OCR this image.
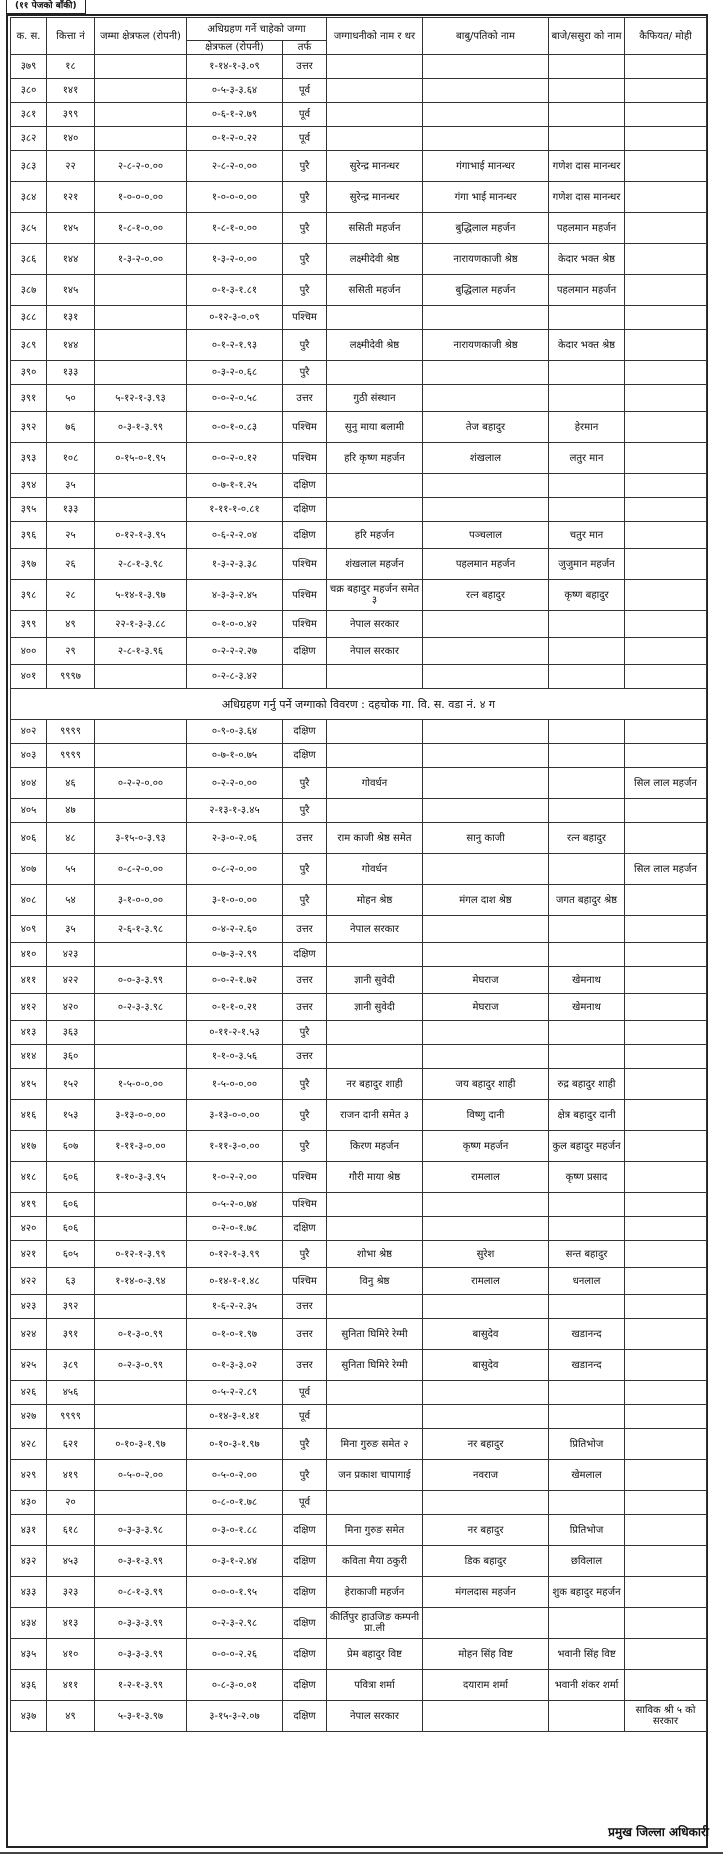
(११ पेजको बाँकी)
क. स.	कित्ता नं	जम्मा क्षेत्रफल (रोपनी)	अधिग्रहण गर्ने चाहेको जग्गा		जग्गाधनीको नाम र थर	बाबु/पतिको नाम	बाजे/ससुरा को नाम	कैफियत/ मोही
			क्षेत्रफल (रोपनी)	तर्फ				
३७९	१८		१-१४-१-३.०९	उत्तर				
३८०	१४१		०-५-३-३.६४	पूर्व				
३८१	३९९		०-६-१-२.७९	पूर्व				
३८२	१४०		०-१-२-०.२२	पूर्व				
३८३	२२	२-८-२-०.००	२-८-२-०.००	पुरै	सुरेन्द्र मानन्धर	गंगाभाई मानन्धर	गणेश दास मानन्धर	
३८४	१२१	१-०-०-०.००	१-०-०-०.००	पुरै	सुरेन्द्र मानन्धर	गंगा भाई मानन्धर	गणेश दास मानन्धर	
३८५	१४५	१-८-१-०.००	१-८-१-०.००	पुरै	ससिती महर्जन	बुद्धिलाल महर्जन	पहलमान महर्जन	
३८६	१४४	१-३-२-०.००	१-३-२-०.००	पुरै	लक्ष्मीदेवी श्रेष्ठ	नारायणकाजी श्रेष्ठ	केदार भक्त श्रेष्ठ	
३८७	१४५		०-१-३-१.८१	पुरै	ससिती महर्जन	बुद्धिलाल महर्जन	पहलमान महर्जन	
३८८	१३१		०-१२-३-०.०९	पश्चिम				
३८९	१४४		०-१-२-१.९३	पुरै	लक्ष्मीदेवी श्रेष्ठ	नारायणकाजी श्रेष्ठ	केदार भक्त श्रेष्ठ	
३९०	१३३		०-३-२-०.६८	पुरै				
३९१	५०	५-१२-१-३.९३	०-०-२-०.५८	उत्तर	गुठी संस्थान			
३९२	७६	०-३-१-३.९९	०-०-१-०.८३	पश्चिम	सुनु माया बलामी	तेज बहादुर	हेरमान	
३९३	१०८	०-१५-०-१.९५	०-०-२-०.१२	पश्चिम	हरि कृष्ण महर्जन	शंखलाल	लतुर मान	
३९४	३५		०-७-१-१.२५	दक्षिण				
३९५	१३३		१-११-१-०.८१	दक्षिण				
३९६	२५	०-१२-१-३.९५	०-६-२-२.०४	दक्षिण	हरि महर्जन	पञ्चलाल	चतुर मान	
३९७	२६	२-८-१-३.९८	१-३-२-३.३८	पश्चिम	शंखलाल महर्जन	पहलमान महर्जन	जुजुमान महर्जन	
३९८	२८	५-१४-१-३.९७	४-३-३-२.४५	पश्चिम	चक्र बहादुर महर्जन समेत ३	रत्न बहादुर	कृष्ण बहादुर	
३९९	४९	२२-१-३-३.८८	०-१-०-०.४२	पश्चिम	नेपाल सरकार			
४००	२९	२-८-१-३.९६	०-२-२-२.२७	दक्षिण	नेपाल सरकार			
४०१	९९९७		०-२-८-३.४२					
अधिग्रहण गर्नु पर्ने जग्गाको विवरण : दहचोक गा. वि. स. वडा नं. ४ ग								
४०२	९९९९		०-९-०-३.६४	दक्षिण				
४०३	९९९९		०-७-१-०.७५	दक्षिण				
४०४	४६	०-२-२-०.००	०-२-२-०.००	पुरै	गोवर्धन			सिल लाल महर्जन
४०५	४७		२-१३-१-३.४५	पुरै				
४०६	४८	३-१५-०-३.९३	२-३-०-२.०६	उत्तर	राम काजी श्रेष्ठ समेत	सानु काजी	रत्न बहादुर	
४०७	५५	०-८-२-०.००	०-८-२-०.००	पुरै	गोवर्धन			सिल लाल महर्जन
४०८	५४	३-१-०-०.००	३-१-०-०.००	पुरै	मोहन श्रेष्ठ	मंगल दाश श्रेष्ठ	जगत बहादुर श्रेष्ठ	
४०९	३५	२-६-१-३.९८	०-४-२-२.६०	उत्तर	नेपाल सरकार			
४१०	४२३		०-७-३-२.९९	दक्षिण				
४११	४२२	०-०-३-३.९९	०-०-२-१.७२	उत्तर	ज्ञानी सुवेदी	मेघराज	खेमनाथ	
४१२	४२०	०-२-३-३.९८	०-१-१-०.२१	उत्तर	ज्ञानी सुवेदी	मेघराज	खेमनाथ	
४१३	३६३		०-११-२-१.५३	पुरै				
४१४	३६०		१-१-०-३.५६	उत्तर				
४१५	१५२	१-५-०-०.००	१-५-०-०.००	पुरै	नर बहादुर शाही	जय बहादुर शाही	रुद्र बहादुर शाही	
४१६	१५३	३-१३-०-०.००	३-१३-०-०.००	पुरै	राजन दानी समेत ३	विष्णु दानी	क्षेत्र बहादुर दानी	
४१७	६०७	१-११-३-०.००	१-११-३-०.००	पुरै	किरण महर्जन	कृष्ण महर्जन	कुल बहादुर महर्जन	
४१८	६०६	१-१०-३-३.९५	१-०-२-२.००	पश्चिम	गौरी माया श्रेष्ठ	रामलाल	कृष्ण प्रसाद	
४१९	६०६		०-५-२-०.७४	पश्चिम				
४२०	६०६		०-२-०-१.७८	दक्षिण				
४२१	६०५	०-१२-१-३.९९	०-१२-१-३.९९	पुरै	शोभा श्रेष्ठ	सुरेश	सन्त बहादुर	
४२२	६३	१-१४-०-३.९४	०-१४-१-१.४८	पश्चिम	विनु श्रेष्ठ	रामलाल	धनलाल	
४२३	३९२		१-६-२-२.३५	उत्तर				
४२४	३९१	०-१-३-०.९९	०-१-०-१.९७	उत्तर	सुनिता घिमिरे रेग्मी	बासुदेव	खडानन्द	
४२५	३८९	०-२-३-०.९९	०-१-३-३.०२	उत्तर	सुनिता घिमिरे रेग्मी	बासुदेव	खडानन्द	
४२६	४५६		०-५-२-२.८९	पूर्व				
४२७	९९९९		०-१४-३-१.४१	पूर्व				
४२८	६२१	०-१०-३-१.९७	०-१०-३-१.९७	पुरै	मिना गुरुङ समेत २	नर बहादुर	प्रितिभोज	
४२९	४१९	०-५-०-२.००	०-५-०-२.००	पुरै	जन प्रकाश चापागाई	नवराज	खेमलाल	
४३०	२०		०-८-०-१.७८	पूर्व				
४३१	६१८	०-३-३-३.९८	०-३-०-१.८८	दक्षिण	मिना गुरुङ समेत	नर बहादुर	प्रितिभोज	
४३२	४५३	०-३-१-३.९९	०-३-१-२.४४	दक्षिण	कविता मैया ठकुरी	डिक बहादुर	छविलाल	
४३३	३२३	०-८-१-३.९९	०-०-०-१.९५	दक्षिण	हेराकाजी महर्जन	मंगलदास महर्जन	शुक बहादुर महर्जन	
४३४	४१३	०-३-३-३.९९	०-२-३-२.९८	दक्षिण	कीर्तिपुर हाउजिङ कम्पनी प्रा.ली			
४३५	४१०	०-३-३-३.९९	०-०-०-२.२६	दक्षिण	प्रेम बहादुर विष्ट	मोहन सिंह विष्ट	भवानी सिंह विष्ट	
४३६	४११	१-२-१-३.९९	०-८-३-०.०१	दक्षिण	पवित्रा शर्मा	दयाराम शर्मा	भवानी शंकर शर्मा	
४३७	४९	५-३-१-३.९७	३-१५-३-२.०७	दक्षिण	नेपाल सरकार			साविक श्री ५ को सरकार
प्रमुख जिल्ला अधिकारी
